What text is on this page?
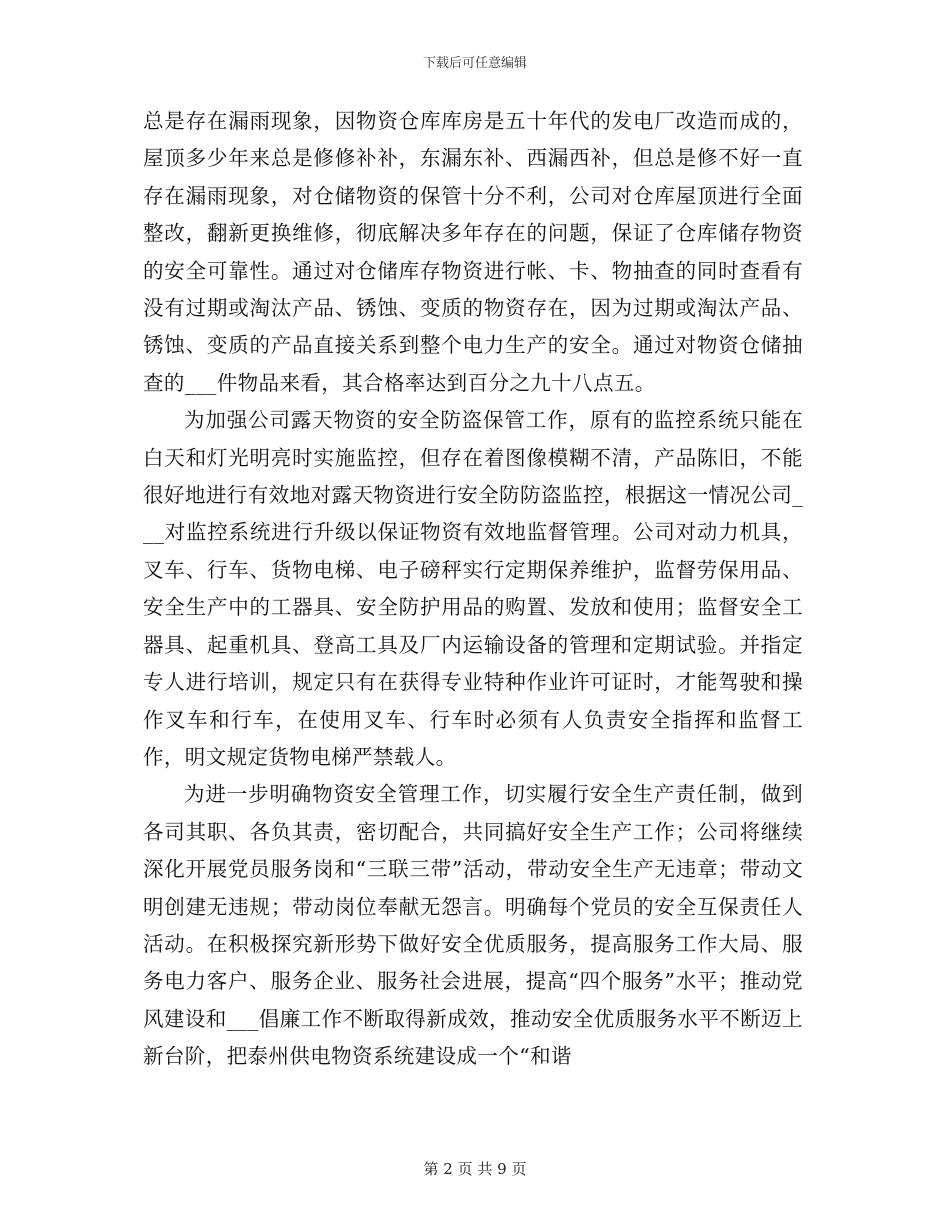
下载后可任意编辑

总是存在漏雨现象，因物资仓库库房是五十年代的发电厂改造而成的，屋顶多少年来总是修修补补，东漏东补、西漏西补，但总是修不好一直存在漏雨现象，对仓储物资的保管十分不利，公司对仓库屋顶进行全面整改，翻新更换维修，彻底解决多年存在的问题，保证了仓库储存物资的安全可靠性。通过对仓储库存物资进行帐、卡、物抽查的同时查看有没有过期或淘汰产品、锈蚀、变质的物资存在，因为过期或淘汰产品、锈蚀、变质的产品直接关系到整个电力生产的安全。通过对物资仓储抽查的___件物品来看，其合格率达到百分之九十八点五。

为加强公司露天物资的安全防盗保管工作，原有的监控系统只能在白天和灯光明亮时实施监控，但存在着图像模糊不清，产品陈旧，不能很好地进行有效地对露天物资进行安全防防盗监控，根据这一情况公司___对监控系统进行升级以保证物资有效地监督管理。公司对动力机具，叉车、行车、货物电梯、电子磅秤实行定期保养维护，监督劳保用品、安全生产中的工器具、安全防护用品的购置、发放和使用；监督安全工器具、起重机具、登高工具及厂内运输设备的管理和定期试验。并指定专人进行培训，规定只有在获得专业特种作业许可证时，才能驾驶和操作叉车和行车，在使用叉车、行车时必须有人负责安全指挥和监督工作，明文规定货物电梯严禁载人。

为进一步明确物资安全管理工作，切实履行安全生产责任制，做到各司其职、各负其责，密切配合，共同搞好安全生产工作；公司将继续深化开展党员服务岗和“三联三带”活动，带动安全生产无违章；带动文明创建无违规；带动岗位奉献无怨言。明确每个党员的安全互保责任人活动。在积极探究新形势下做好安全优质服务，提高服务工作大局、服务电力客户、服务企业、服务社会进展，提高“四个服务”水平；推动党风建设和___倡廉工作不断取得新成效，推动安全优质服务水平不断迈上新台阶，把泰州供电物资系统建设成一个“和谐

第 2 页 共 9 页
